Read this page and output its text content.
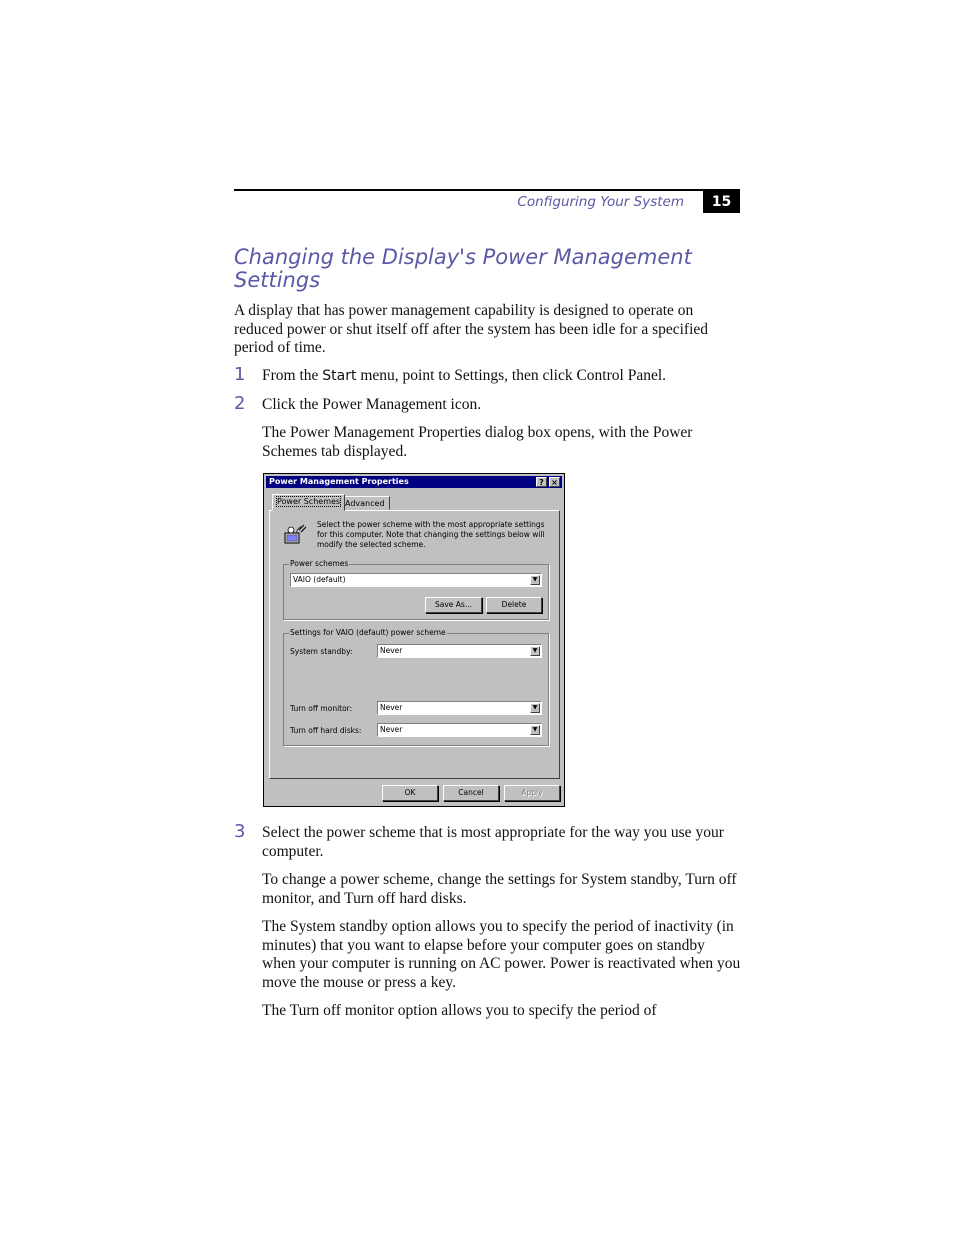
Configuring Your System	15
Changing the Display's Power Management Settings

A display that has power management capability is designed to operate on reduced power or shut itself off after the system has been idle for a specified period of time.

1 From the Start menu, point to Settings, then click Control Panel.

2 Click the Power Management icon.

The Power Management Properties dialog box opens, with the Power Schemes tab displayed.

Power Management Properties	? ×
Power Schemes Advanced
Select the power scheme with the most appropriate settings for this computer. Note that changing the settings below will modify the selected scheme.
Power schemes
VAIO (default)	▼
Save As...	Delete
Settings for VAIO (default) power scheme
System standby:	Never	▼
Turn off monitor:	Never	▼
Turn off hard disks:	Never	▼
OK	Cancel	Apply
3 Select the power scheme that is most appropriate for the way you use your computer.

To change a power scheme, change the settings for System standby, Turn off monitor, and Turn off hard disks.

The System standby option allows you to specify the period of inactivity (in minutes) that you want to elapse before your computer goes on standby when your computer is running on AC power. Power is reactivated when you move the mouse or press a key.

The Turn off monitor option allows you to specify the period of
